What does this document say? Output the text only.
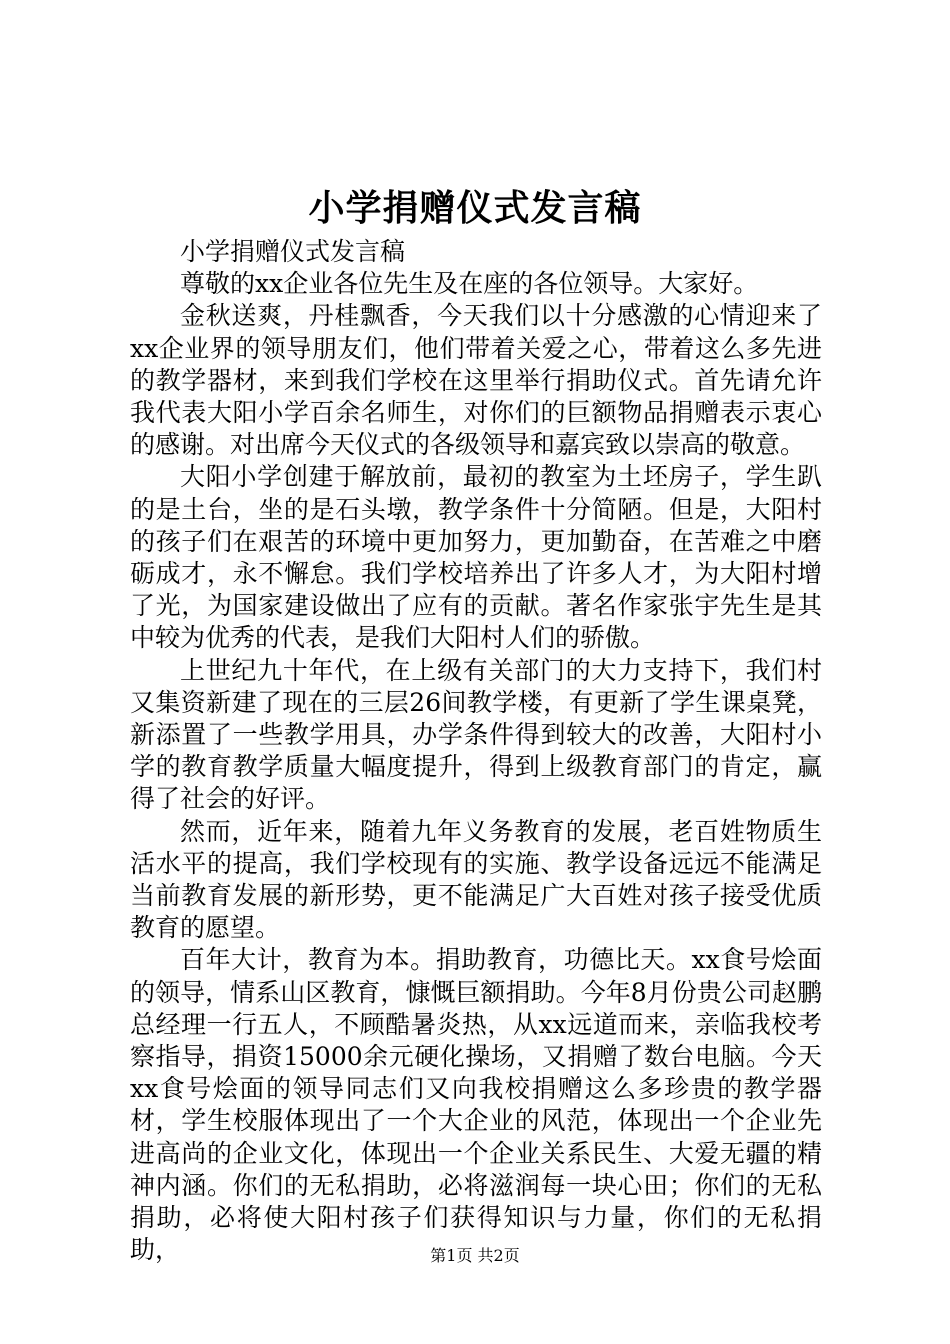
小学捐赠仪式发言稿

小学捐赠仪式发言稿

尊敬的xx企业各位先生及在座的各位领导。大家好。

金秋送爽，丹桂飘香，今天我们以十分感激的心情迎来了xx企业界的领导朋友们，他们带着关爱之心，带着这么多先进的教学器材，来到我们学校在这里举行捐助仪式。首先请允许我代表大阳小学百余名师生，对你们的巨额物品捐赠表示衷心的感谢。对出席今天仪式的各级领导和嘉宾致以崇高的敬意。

大阳小学创建于解放前，最初的教室为土坯房子，学生趴的是土台，坐的是石头墩，教学条件十分简陋。但是，大阳村的孩子们在艰苦的环境中更加努力，更加勤奋，在苦难之中磨砺成才，永不懈怠。我们学校培养出了许多人才，为大阳村增了光，为国家建设做出了应有的贡献。著名作家张宇先生是其中较为优秀的代表，是我们大阳村人们的骄傲。

上世纪九十年代，在上级有关部门的大力支持下，我们村又集资新建了现在的三层26间教学楼，有更新了学生课桌凳，新添置了一些教学用具，办学条件得到较大的改善，大阳村小学的教育教学质量大幅度提升，得到上级教育部门的肯定，赢得了社会的好评。

然而，近年来，随着九年义务教育的发展，老百姓物质生活水平的提高，我们学校现有的实施、教学设备远远不能满足当前教育发展的新形势，更不能满足广大百姓对孩子接受优质教育的愿望。

百年大计，教育为本。捐助教育，功德比天。xx食号烩面的领导，情系山区教育，慷慨巨额捐助。今年8月份贵公司赵鹏总经理一行五人，不顾酷暑炎热，从xx远道而来，亲临我校考察指导，捐资15000余元硬化操场，又捐赠了数台电脑。今天xx食号烩面的领导同志们又向我校捐赠这么多珍贵的教学器材，学生校服体现出了一个大企业的风范，体现出一个企业先进高尚的企业文化，体现出一个企业关系民生、大爱无疆的精神内涵。你们的无私捐助，必将滋润每一块心田；你们的无私捐助，必将使大阳村孩子们获得知识与力量，你们的无私捐助，	第1页 共2页
